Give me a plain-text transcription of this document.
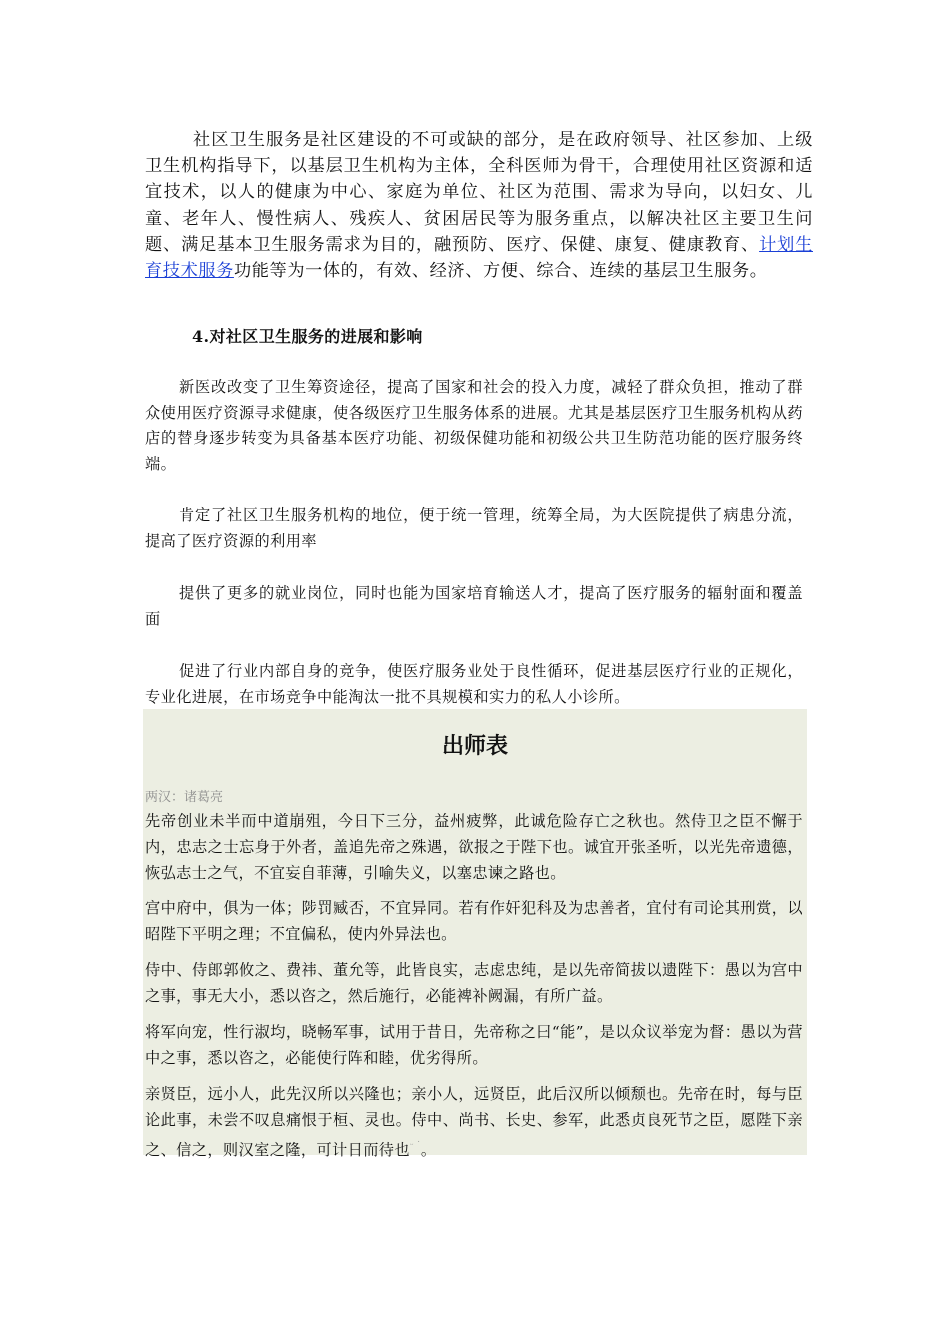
社区卫生服务是社区建设的不可或缺的部分，是在政府领导、社区参加、上级卫生机构指导下，以基层卫生机构为主体，全科医师为骨干，合理使用社区资源和适宜技术，以人的健康为中心、家庭为单位、社区为范围、需求为导向，以妇女、儿童、老年人、慢性病人、残疾人、贫困居民等为服务重点，以解决社区主要卫生问题、满足基本卫生服务需求为目的，融预防、医疗、保健、康复、健康教育、计划生育技术服务功能等为一体的，有效、经济、方便、综合、连续的基层卫生服务。

4.对社区卫生服务的进展和影响

新医改改变了卫生筹资途径，提高了国家和社会的投入力度，减轻了群众负担，推动了群众使用医疗资源寻求健康，使各级医疗卫生服务体系的进展。尤其是基层医疗卫生服务机构从药店的替身逐步转变为具备基本医疗功能、初级保健功能和初级公共卫生防范功能的医疗服务终端。

肯定了社区卫生服务机构的地位，便于统一管理，统筹全局，为大医院提供了病患分流，提高了医疗资源的利用率

提供了更多的就业岗位，同时也能为国家培育输送人才，提高了医疗服务的辐射面和覆盖面

促进了行业内部自身的竞争，使医疗服务业处于良性循环，促进基层医疗行业的正规化，专业化进展，在市场竞争中能淘汰一批不具规模和实力的私人小诊所。

出师表

两汉：诸葛亮

先帝创业未半而中道崩殂，今日下三分，益州疲弊，此诚危险存亡之秋也。然侍卫之臣不懈于内，忠志之士忘身于外者，盖追先帝之殊遇，欲报之于陛下也。诚宜开张圣听，以光先帝遗德，恢弘志士之气，不宜妄自菲薄，引喻失义，以塞忠谏之路也。

宫中府中，俱为一体；陟罚臧否，不宜异同。若有作奸犯科及为忠善者，宜付有司论其刑赏，以昭陛下平明之理；不宜偏私，使内外异法也。

侍中、侍郎郭攸之、费祎、董允等，此皆良实，志虑忠纯，是以先帝简拔以遗陛下：愚以为宫中之事，事无大小，悉以咨之，然后施行，必能裨补阙漏，有所广益。

将军向宠，性行淑均，晓畅军事，试用于昔日，先帝称之曰“能”，是以众议举宠为督：愚以为营中之事，悉以咨之，必能使行阵和睦，优劣得所。

亲贤臣，远小人，此先汉所以兴隆也；亲小人，远贤臣，此后汉所以倾颓也。先帝在时，每与臣论此事，未尝不叹息痛恨于桓、灵也。侍中、尚书、长史、参军，此悉贞良死节之臣，愿陛下亲之、信之，则汉室之隆，可计日而待也ᵕ ˙。
